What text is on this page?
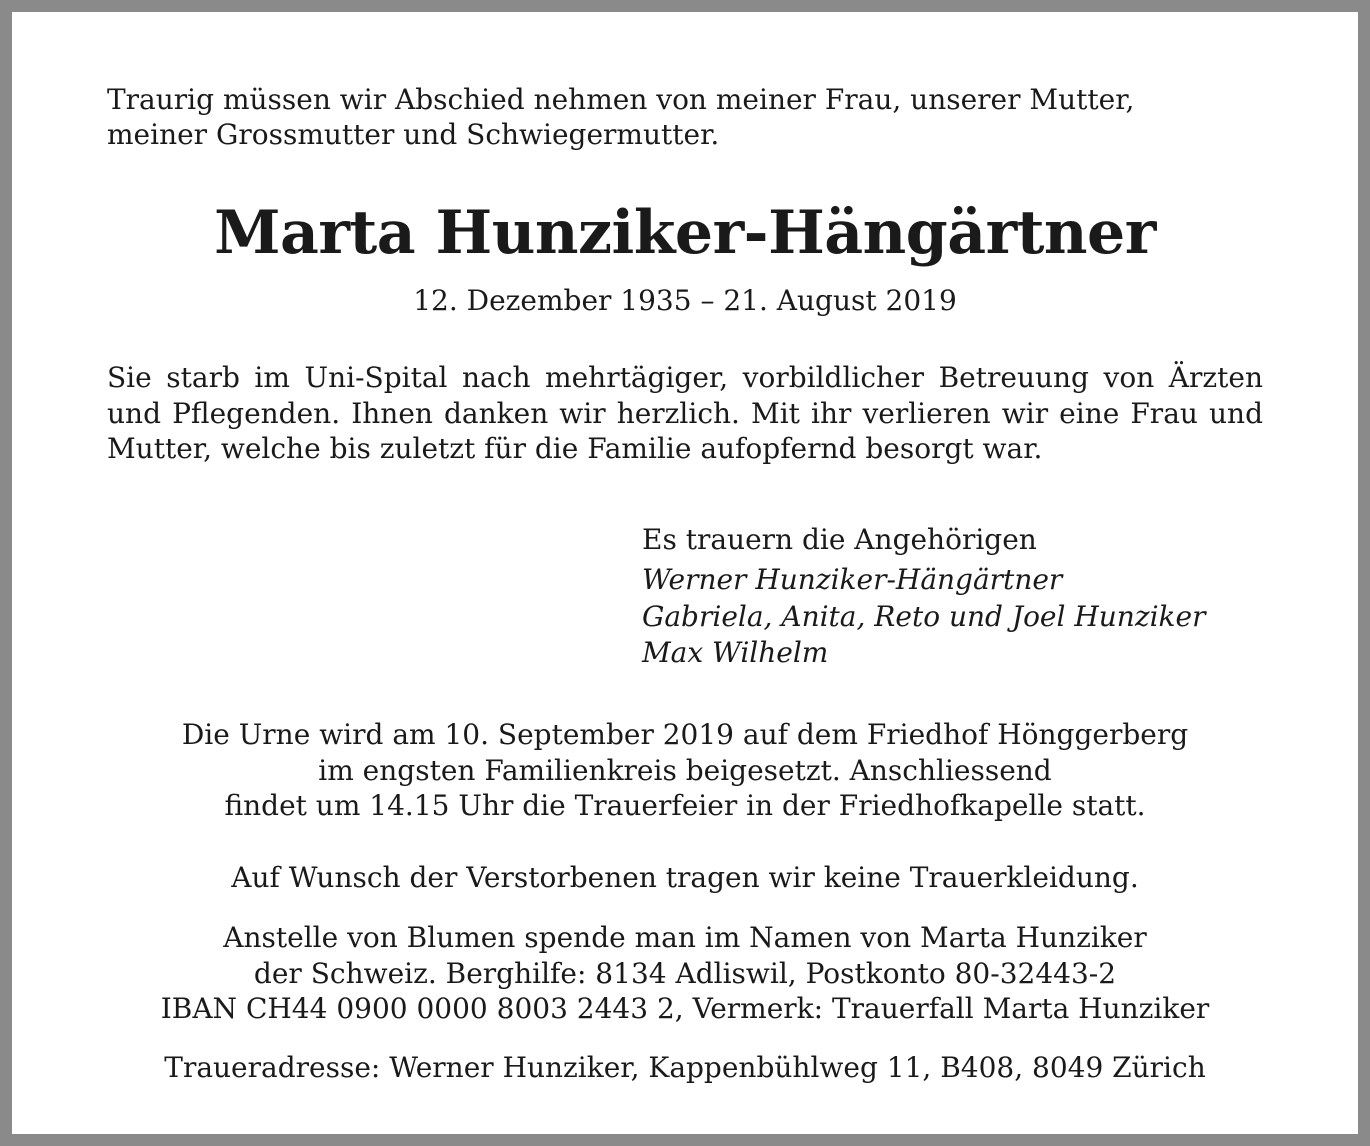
Traurig müssen wir Abschied nehmen von meiner Frau, unserer Mutter,
meiner Grossmutter und Schwiegermutter.
Marta Hunziker-Hängärtner
12. Dezember 1935 – 21. August 2019
Sie starb im Uni-Spital nach mehrtägiger, vorbildlicher Betreuung von Ärzten und Pflegenden. Ihnen danken wir herzlich. Mit ihr verlieren wir eine Frau und Mutter, welche bis zuletzt für die Familie aufopfernd besorgt war.
Es trauern die Angehörigen
Werner Hunziker-Hängärtner
Gabriela, Anita, Reto und Joel Hunziker
Max Wilhelm
Die Urne wird am 10. September 2019 auf dem Friedhof Hönggerberg
im engsten Familienkreis beigesetzt. Anschliessend
findet um 14.15 Uhr die Trauerfeier in der Friedhofkapelle statt.
Auf Wunsch der Verstorbenen tragen wir keine Trauerkleidung.
Anstelle von Blumen spende man im Namen von Marta Hunziker
der Schweiz. Berghilfe: 8134 Adliswil, Postkonto 80-32443-2
IBAN CH44 0900 0000 8003 2443 2, Vermerk: Trauerfall Marta Hunziker
Traueradresse: Werner Hunziker, Kappenbühlweg 11, B408, 8049 Zürich
